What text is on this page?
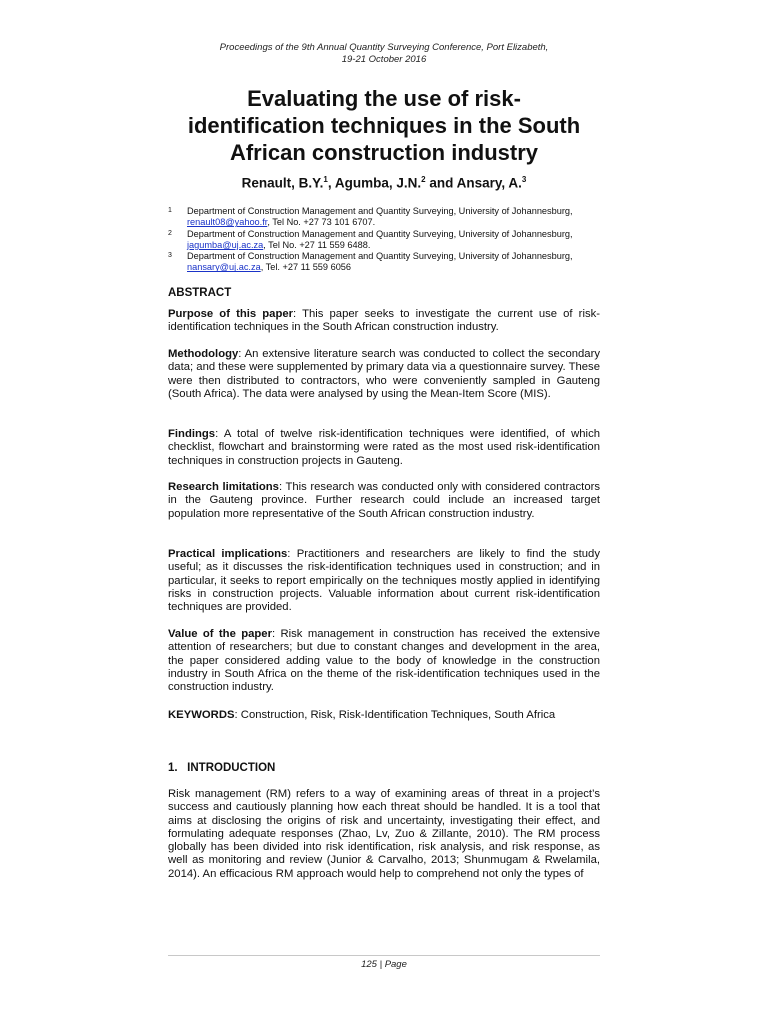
Proceedings of the 9th Annual Quantity Surveying Conference, Port Elizabeth,
19-21 October 2016
Evaluating the use of risk-
identification techniques in the South
African construction industry
Renault, B.Y.$^1$, Agumba, J.N.$^2$ and Ansary, A.$^3$
1 Department of Construction Management and Quantity Surveying, University of Johannesburg, renault08@yahoo.fr, Tel No. +27 73 101 6707.
2 Department of Construction Management and Quantity Surveying, University of Johannesburg, jagumba@uj.ac.za, Tel No. +27 11 559 6488.
3 Department of Construction Management and Quantity Surveying, University of Johannesburg, nansary@uj.ac.za, Tel. +27 11 559 6056
ABSTRACT
Purpose of this paper: This paper seeks to investigate the current use of risk-identification techniques in the South African construction industry.
Methodology: An extensive literature search was conducted to collect the secondary data; and these were supplemented by primary data via a questionnaire survey. These were then distributed to contractors, who were conveniently sampled in Gauteng (South Africa). The data were analysed by using the Mean-Item Score (MIS).
Findings: A total of twelve risk-identification techniques were identified, of which checklist, flowchart and brainstorming were rated as the most used risk-identification techniques in construction projects in Gauteng.
Research limitations: This research was conducted only with considered contractors in the Gauteng province. Further research could include an increased target population more representative of the South African construction industry.
Practical implications: Practitioners and researchers are likely to find the study useful; as it discusses the risk-identification techniques used in construction; and in particular, it seeks to report empirically on the techniques mostly applied in identifying risks in construction projects. Valuable information about current risk-identification techniques are provided.
Value of the paper: Risk management in construction has received the extensive attention of researchers; but due to constant changes and development in the area, the paper considered adding value to the body of knowledge in the construction industry in South Africa on the theme of the risk-identification techniques used in the construction industry.
KEYWORDS: Construction, Risk, Risk-Identification Techniques, South Africa
1.   INTRODUCTION
Risk management (RM) refers to a way of examining areas of threat in a project’s success and cautiously planning how each threat should be handled. It is a tool that aims at disclosing the origins of risk and uncertainty, investigating their effect, and formulating adequate responses (Zhao, Lv, Zuo & Zillante, 2010). The RM process globally has been divided into risk identification, risk analysis, and risk response, as well as monitoring and review (Junior & Carvalho, 2013; Shunmugam & Rwelamila, 2014). An efficacious RM approach would help to comprehend not only the types of
125 | Page
